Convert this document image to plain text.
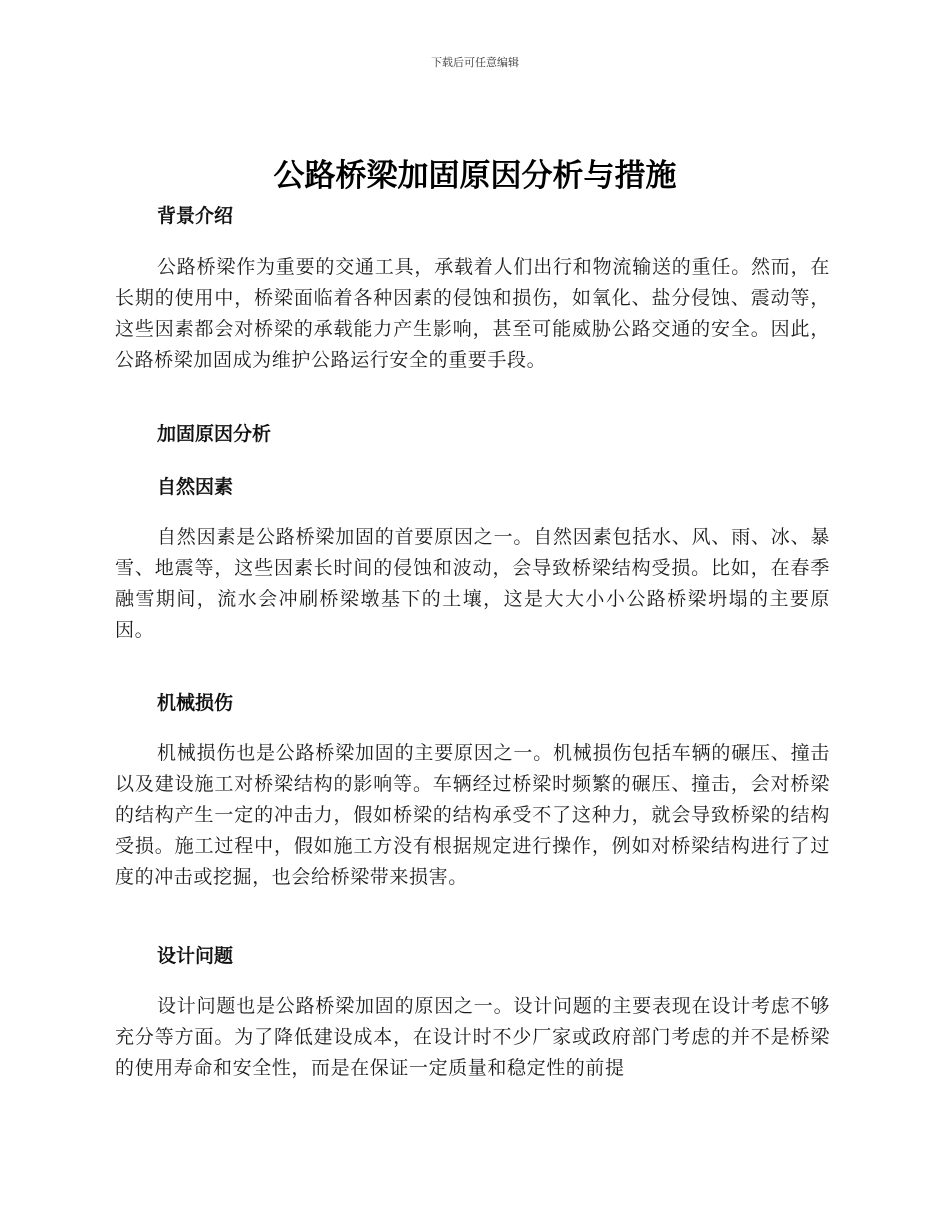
下载后可任意编辑
公路桥梁加固原因分析与措施
背景介绍

公路桥梁作为重要的交通工具，承载着人们出行和物流输送的重任。然而，在长期的使用中，桥梁面临着各种因素的侵蚀和损伤，如氧化、盐分侵蚀、震动等，这些因素都会对桥梁的承载能力产生影响，甚至可能威胁公路交通的安全。因此，公路桥梁加固成为维护公路运行安全的重要手段。

加固原因分析
自然因素

自然因素是公路桥梁加固的首要原因之一。自然因素包括水、风、雨、冰、暴雪、地震等，这些因素长时间的侵蚀和波动，会导致桥梁结构受损。比如，在春季融雪期间，流水会冲刷桥梁墩基下的土壤，这是大大小小公路桥梁坍塌的主要原因。

机械损伤

机械损伤也是公路桥梁加固的主要原因之一。机械损伤包括车辆的碾压、撞击以及建设施工对桥梁结构的影响等。车辆经过桥梁时频繁的碾压、撞击，会对桥梁的结构产生一定的冲击力，假如桥梁的结构承受不了这种力，就会导致桥梁的结构受损。施工过程中，假如施工方没有根据规定进行操作，例如对桥梁结构进行了过度的冲击或挖掘，也会给桥梁带来损害。

设计问题

设计问题也是公路桥梁加固的原因之一。设计问题的主要表现在设计考虑不够充分等方面。为了降低建设成本，在设计时不少厂家或政府部门考虑的并不是桥梁的使用寿命和安全性，而是在保证一定质量和稳定性的前提
